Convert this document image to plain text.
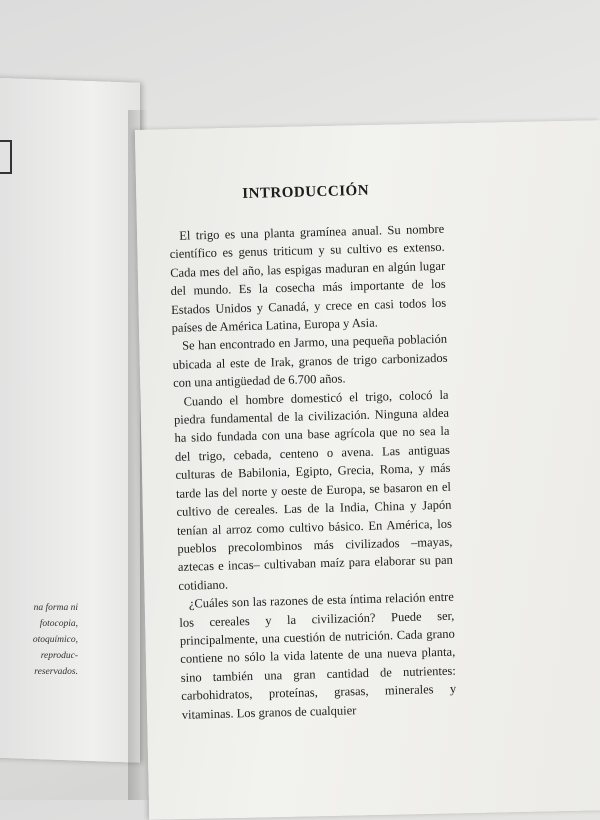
na forma ni
fotocopia,
otoquímico,
reproduc-
reservados.
INTRODUCCIÓN

El trigo es una planta gramínea anual. Su nombre científico es genus triticum y su cultivo es extenso. Cada mes del año, las espigas maduran en algún lugar del mundo. Es la cosecha más importante de los Estados Unidos y Canadá, y crece en casi todos los países de América Latina, Europa y Asia.

Se han encontrado en Jarmo, una pequeña población ubicada al este de Irak, granos de trigo carbonizados con una antigüedad de 6.700 años.

Cuando el hombre domesticó el trigo, colocó la piedra fundamental de la civilización. Ninguna aldea ha sido fundada con una base agrícola que no sea la del trigo, cebada, centeno o avena. Las antiguas culturas de Babilonia, Egipto, Grecia, Roma, y más tarde las del norte y oeste de Europa, se basaron en el cultivo de cereales. Las de la India, China y Japón tenían al arroz como cultivo básico. En América, los pueblos precolombinos más civilizados –mayas, aztecas e incas– cultivaban maíz para elaborar su pan cotidiano.

¿Cuáles son las razones de esta íntima relación entre los cereales y la civilización? Puede ser, principalmente, una cuestión de nutrición. Cada grano contiene no sólo la vida latente de una nueva planta, sino también una gran cantidad de nutrientes: carbohidratos, proteínas, grasas, minerales y vitaminas. Los granos de cualquier
